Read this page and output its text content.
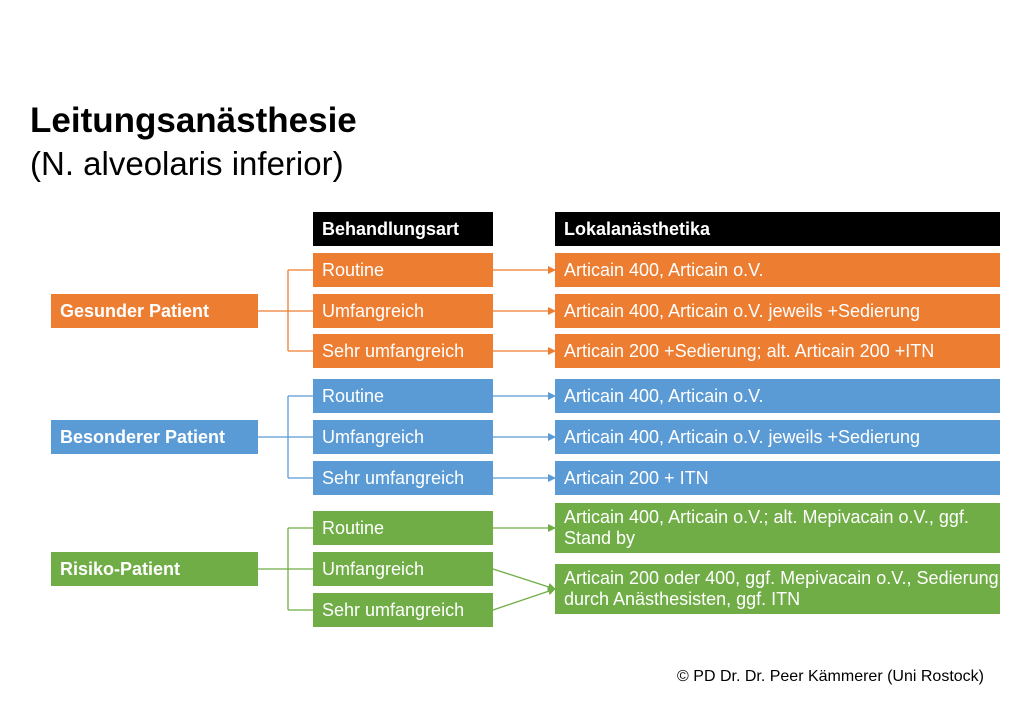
Leitungsanästhesie
(N. alveolaris inferior)
Behandlungsart	Lokalanästhetika
Gesunder Patient
Routine
Umfangreich
Sehr umfangreich
Articain 400, Articain o.V.
Articain 400, Articain o.V. jeweils +Sedierung
Articain 200 +Sedierung; alt. Articain 200 +ITN
Besonderer Patient
Routine
Umfangreich
Sehr umfangreich
Articain 400, Articain o.V.
Articain 400, Articain o.V. jeweils +Sedierung
Articain 200 + ITN
Risiko-Patient
Routine
Umfangreich
Sehr umfangreich
Articain 400, Articain o.V.; alt. Mepivacain o.V., ggf. Stand by
Articain 200 oder 400, ggf. Mepivacain o.V., Sedierung durch Anästhesisten, ggf. ITN
© PD Dr. Dr. Peer Kämmerer (Uni Rostock)
